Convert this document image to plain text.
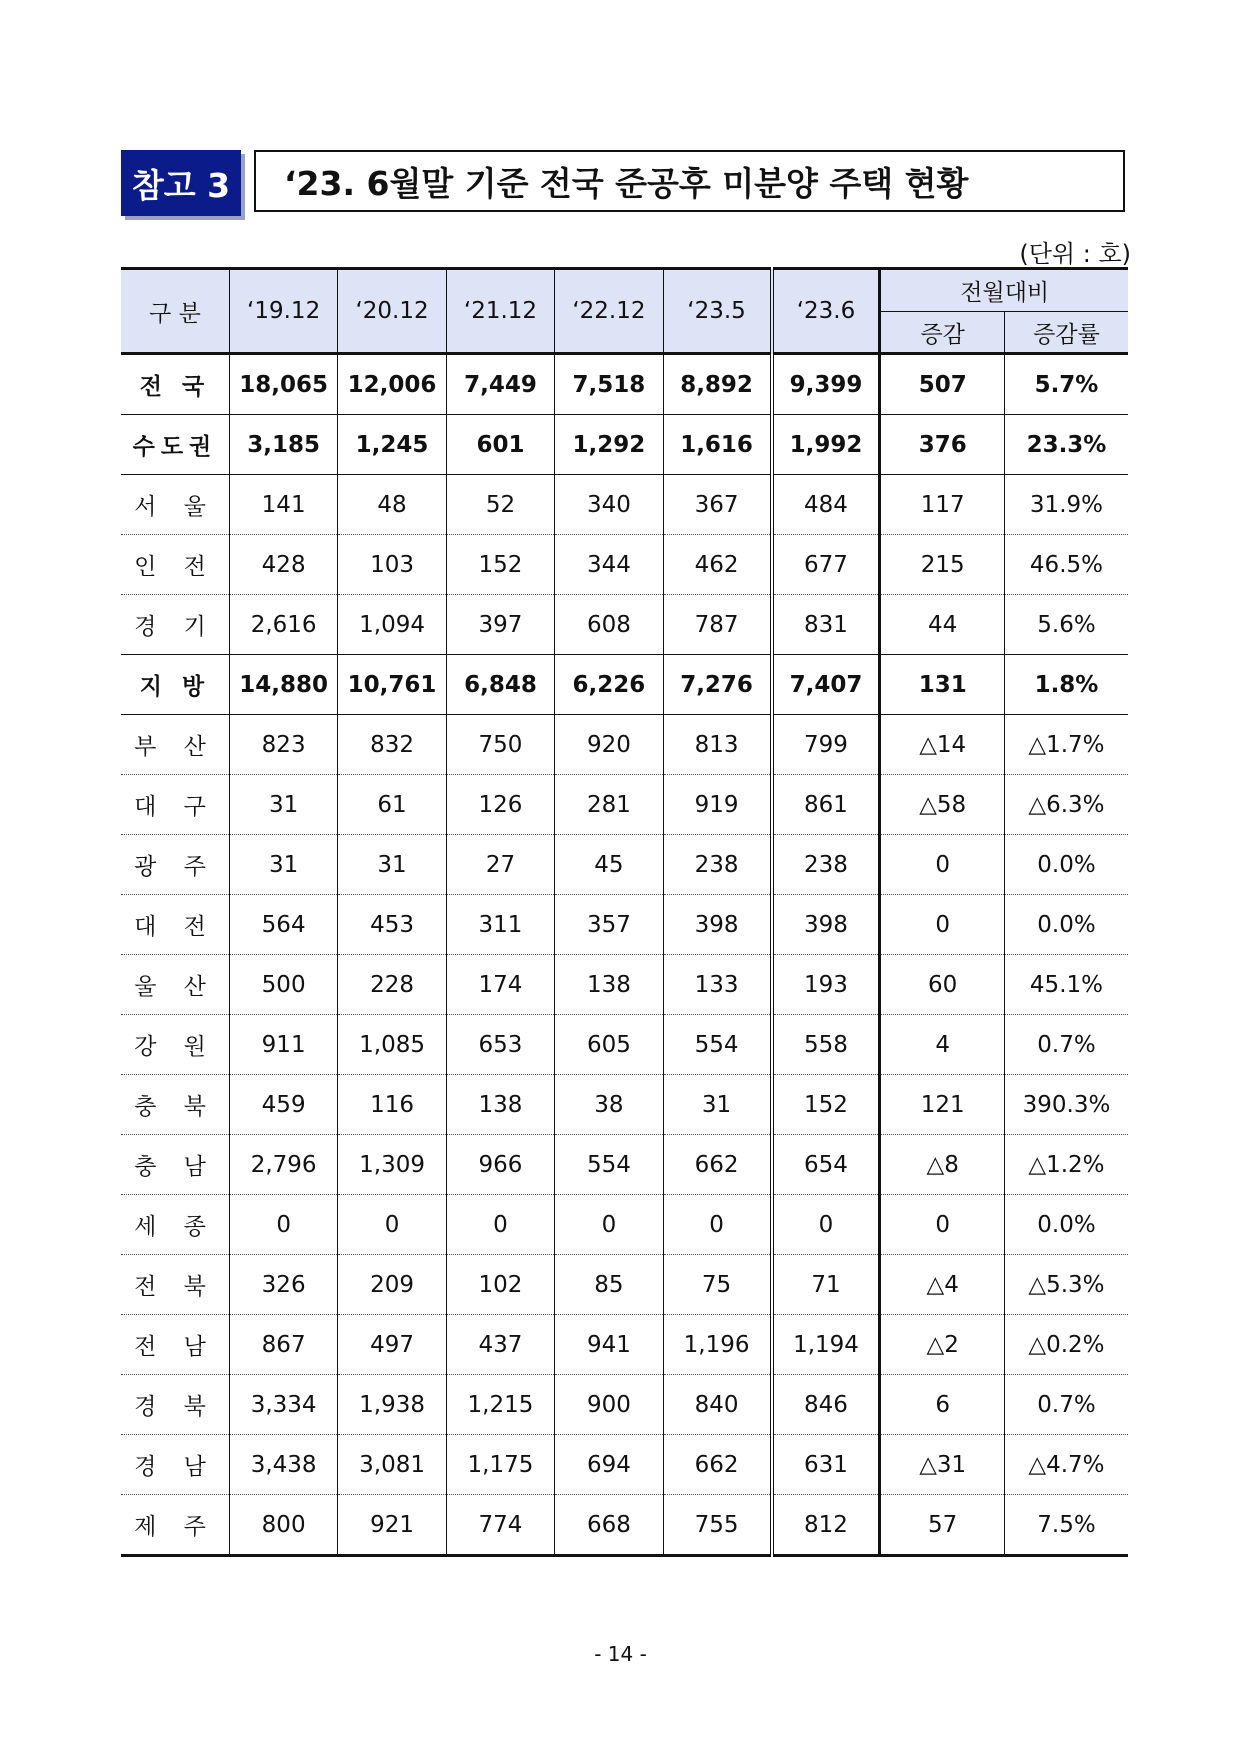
참고 3	‘23. 6월말 기준 전국 준공후 미분양 주택 현황
(단위 : 호)
구 분	‘19.12	‘20.12	‘21.12	‘22.12	‘23.5	‘23.6	전월대비	
							증감	증감률
전 국	18,065	12,006	7,449	7,518	8,892	9,399	507	5.7%
수도권	3,185	1,245	601	1,292	1,616	1,992	376	23.3%
서 울	141	48	52	340	367	484	117	31.9%
인 전	428	103	152	344	462	677	215	46.5%
경 기	2,616	1,094	397	608	787	831	44	5.6%
지 방	14,880	10,761	6,848	6,226	7,276	7,407	131	1.8%
부 산	823	832	750	920	813	799	△14	△1.7%
대 구	31	61	126	281	919	861	△58	△6.3%
광 주	31	31	27	45	238	238	0	0.0%
대 전	564	453	311	357	398	398	0	0.0%
울 산	500	228	174	138	133	193	60	45.1%
강 원	911	1,085	653	605	554	558	4	0.7%
충 북	459	116	138	38	31	152	121	390.3%
충 남	2,796	1,309	966	554	662	654	△8	△1.2%
세 종	0	0	0	0	0	0	0	0.0%
전 북	326	209	102	85	75	71	△4	△5.3%
전 남	867	497	437	941	1,196	1,194	△2	△0.2%
경 북	3,334	1,938	1,215	900	840	846	6	0.7%
경 남	3,438	3,081	1,175	694	662	631	△31	△4.7%
제 주	800	921	774	668	755	812	57	7.5%
- 14 -
